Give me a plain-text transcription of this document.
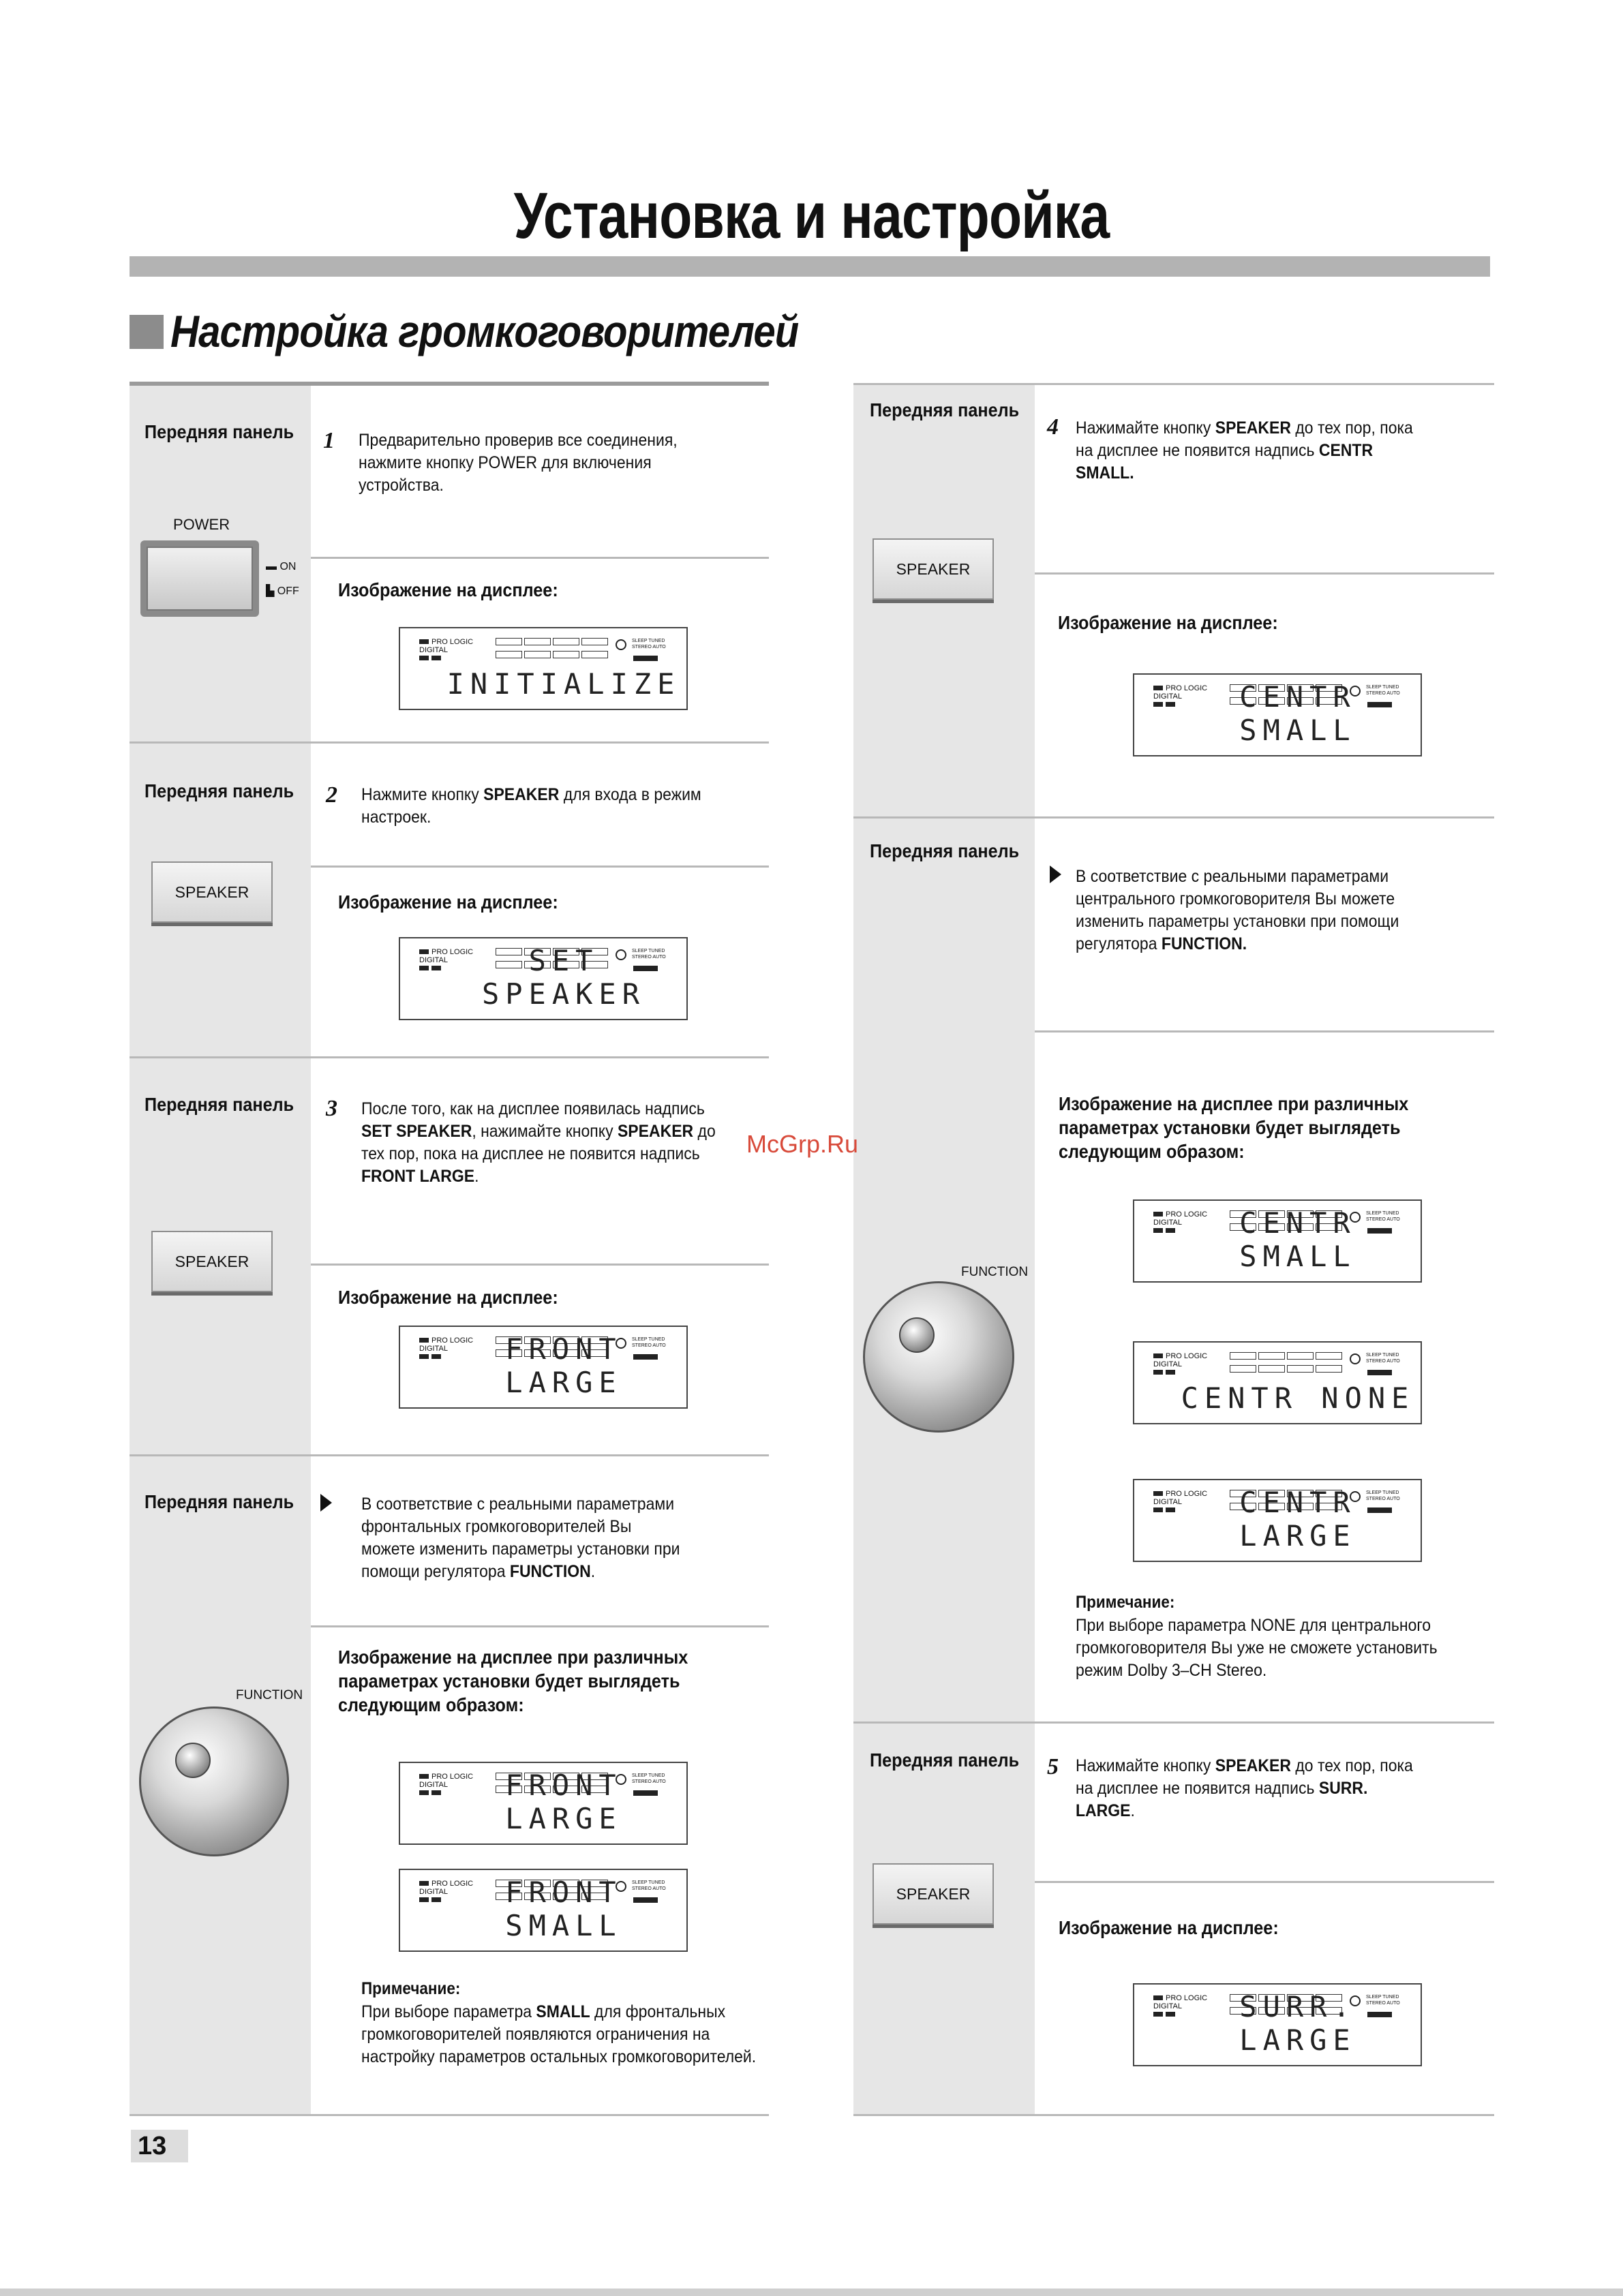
Установка и настройка
Настройка громкоговорителей
Передняя панель 1 Предварительно проверив все соединения, нажмите кнопку POWER для включения устройства.
POWER
▬ ON
▙ OFF Изображение на дисплее:
PRO LOGIC
DIGITAL

SLEEP TUNED
STEREO AUTO
INITIALIZE
Передняя панель 2 Нажмите кнопку SPEAKER для входа в режим настроек.
SPEAKER	Изображение на дисплее:
PRO LOGIC
DIGITAL

SLEEP TUNED
STEREO AUTO
SET SPEAKER
Передняя панель 3 После того, как на дисплее появилась надпись SET SPEAKER, нажимайте кнопку SPEAKER до тех пор, пока на дисплее не появится надпись FRONT LARGE.
SPEAKER
Изображение на дисплее:
PRO LOGIC
DIGITAL

SLEEP TUNED
STEREO AUTO
FRONT LARGE
Передняя панель	В соответствие с реальными параметрами фронтальных громкоговорителей Вы можете изменить параметры установки при помощи регулятора FUNCTION.
Изображение на дисплее при различных параметрах установки будет выглядеть следующим образом:
FUNCTION
PRO LOGIC
DIGITAL

SLEEP TUNED
STEREO AUTO
FRONT LARGE
PRO LOGIC
DIGITAL

SLEEP TUNED
STEREO AUTO
FRONT SMALL
Примечание:
При выборе параметра SMALL для фронтальных громкоговорителей появляются ограничения на настройку параметров остальных громкоговорителей.
Передняя панель
4 Нажимайте кнопку SPEAKER до тех пор, пока на дисплее не появится надпись CENTR SMALL.
SPEAKER
Изображение на дисплее:
PRO LOGIC
DIGITAL

SLEEP TUNED
STEREO AUTO
CENTR SMALL
Передняя панель
В соответствие с реальными параметрами центрального громкоговорителя Вы можете изменить параметры установки при помощи регулятора FUNCTION.
Изображение на дисплее при различных параметрах установки будет выглядеть следующим образом:
FUNCTION
PRO LOGIC
DIGITAL

SLEEP TUNED
STEREO AUTO
CENTR SMALL
PRO LOGIC
DIGITAL

SLEEP TUNED
STEREO AUTO
CENTR NONE
PRO LOGIC
DIGITAL

SLEEP TUNED
STEREO AUTO
CENTR LARGE
Примечание:
При выборе параметра NONE для центрального громкоговорителя Вы уже не сможете установить режим Dolby 3–CH Stereo.
Передняя панель 5 Нажимайте кнопку SPEAKER до тех пор, пока на дисплее не появится надпись SURR. LARGE.
SPEAKER
Изображение на дисплее:
PRO LOGIC
DIGITAL

SLEEP TUNED
STEREO AUTO
SURR. LARGE
13
McGrp.Ru
